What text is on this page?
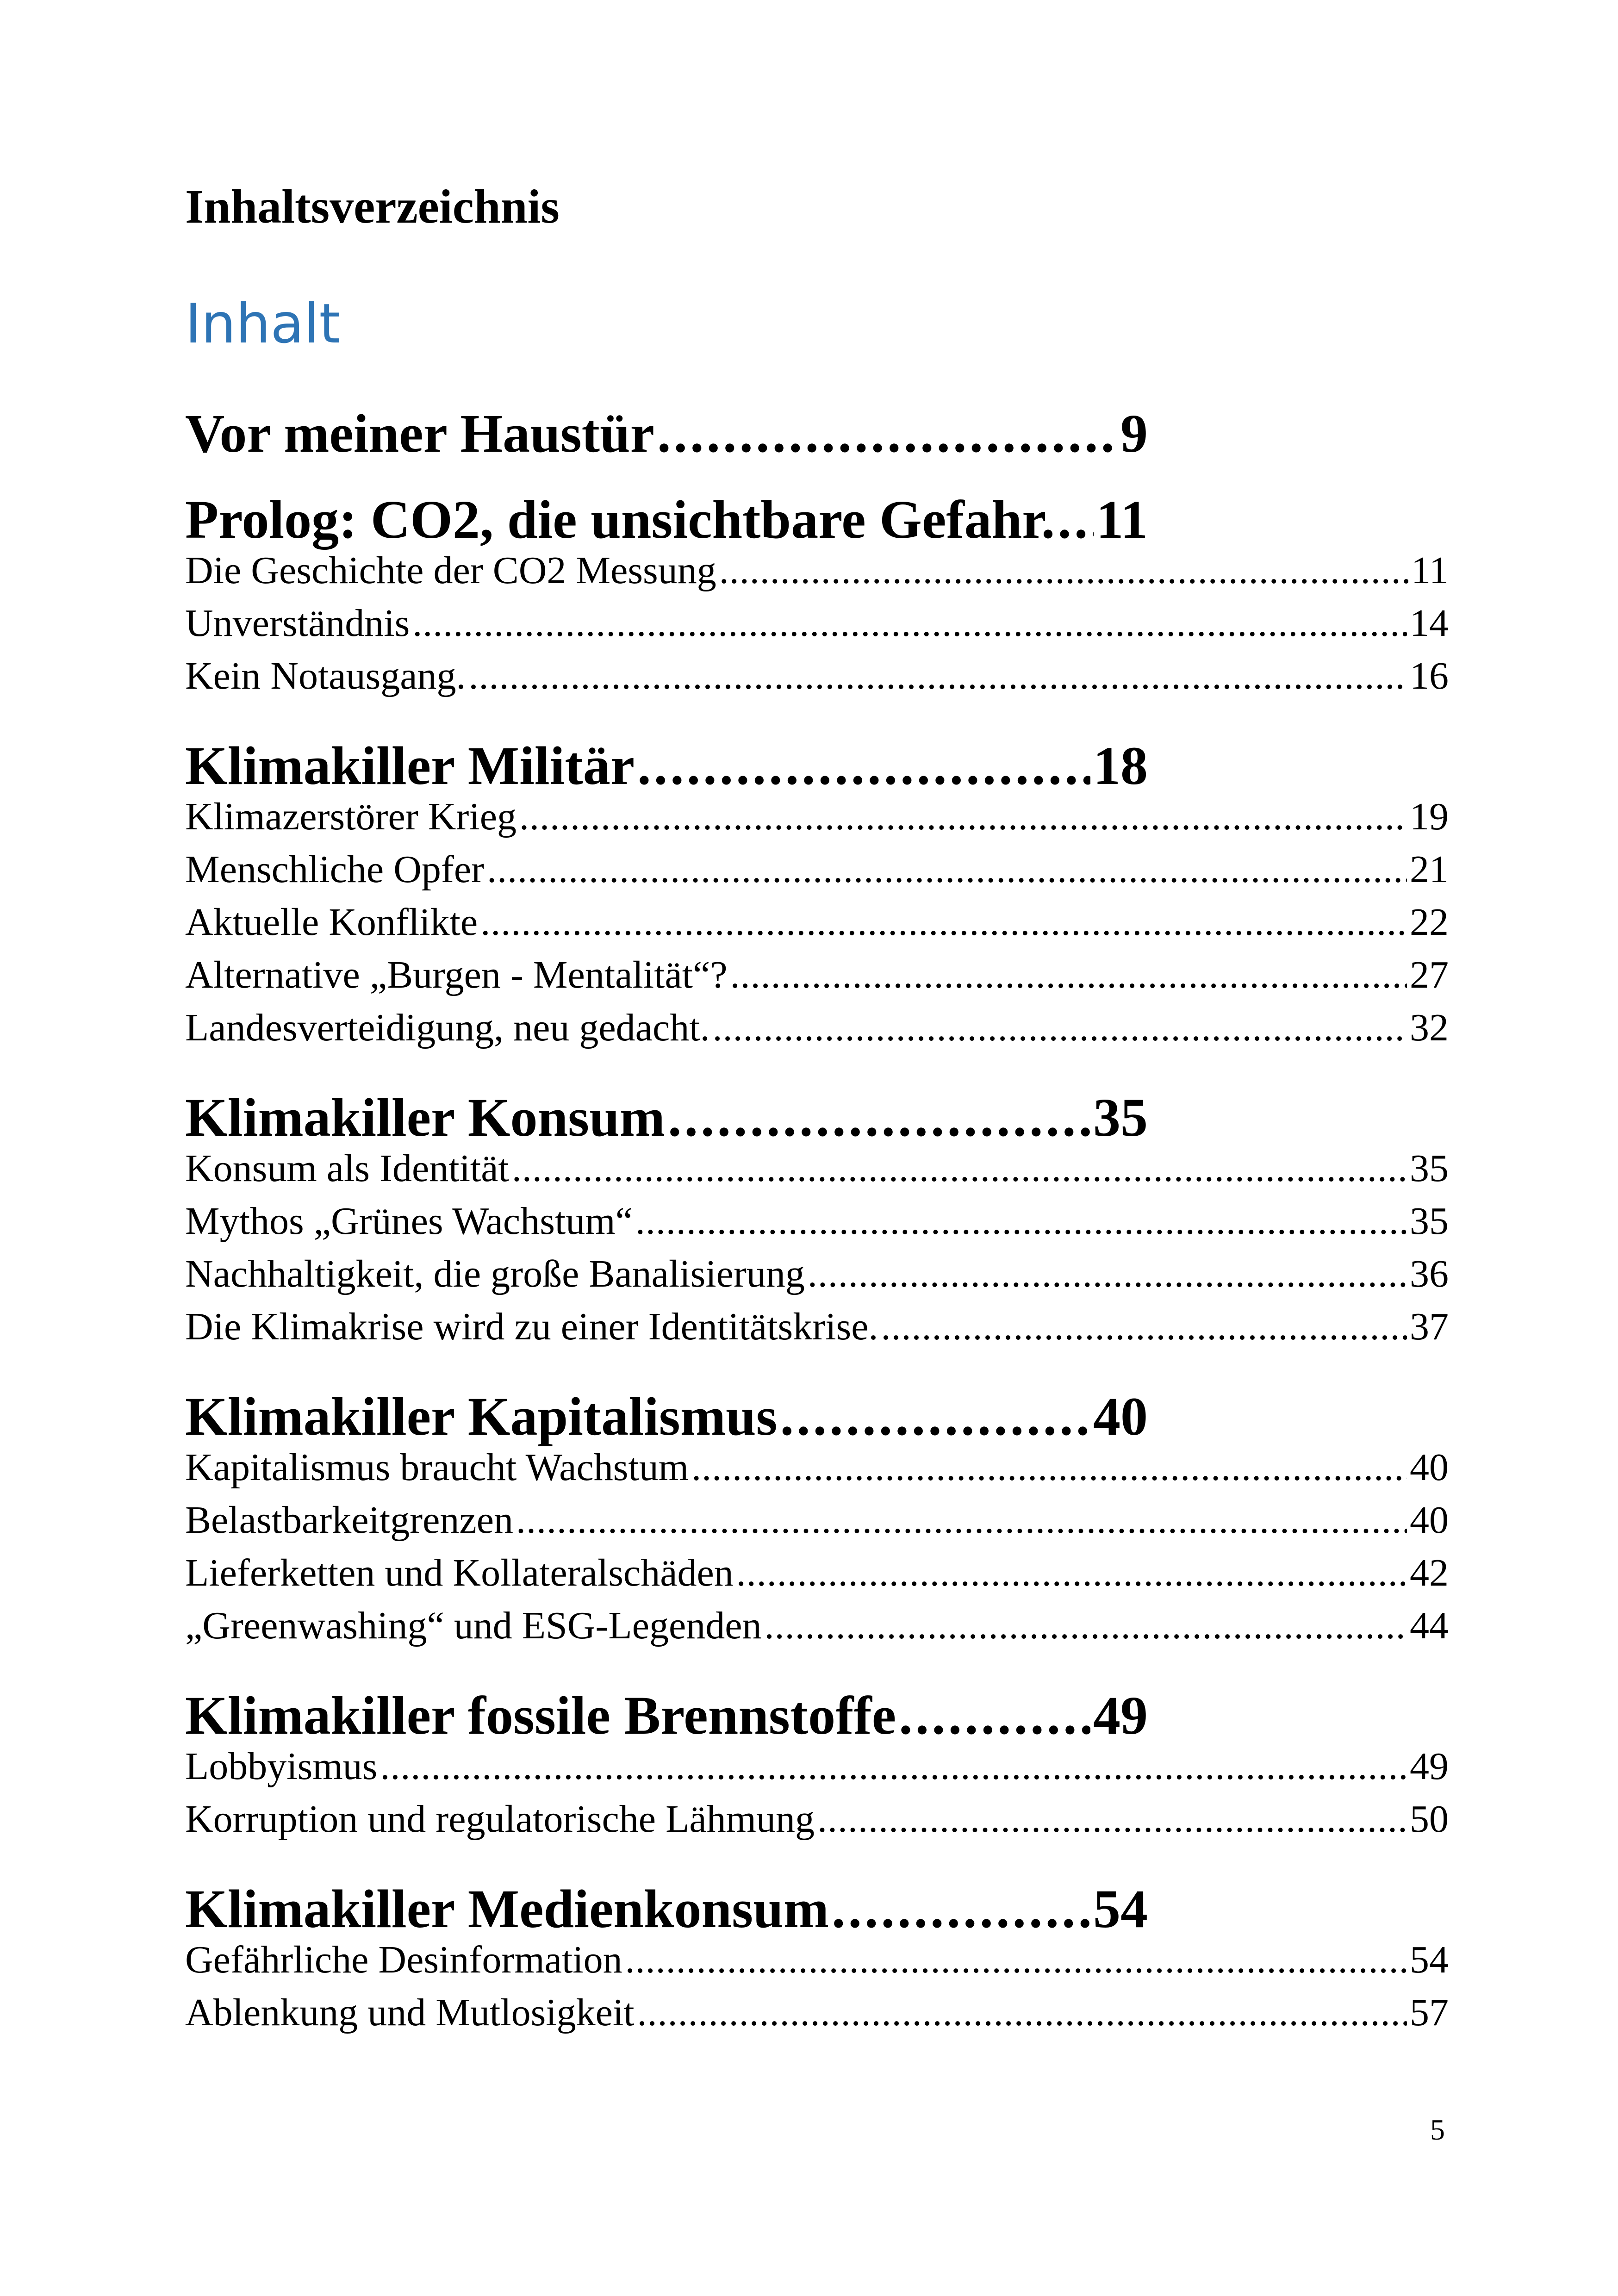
Inhaltsverzeichnis
Inhalt
Vor meiner Haustür .....	9
Prolog: CO2, die unsichtbare Gefahr. ..... 11
Die Geschichte der CO2 Messung .....	11
Unverständnis .....	14
Kein Notausgang. .....	16
Klimakiller Militär .....	18
Klimazerstörer Krieg .....	19
Menschliche Opfer .....	21
Aktuelle Konflikte .....	22
Alternative „Burgen - Mentalität“? .....	27
Landesverteidigung, neu gedacht. .....	32
Klimakiller Konsum .....	35
Konsum als Identität .....	35
Mythos „Grünes Wachstum“ .....	35
Nachhaltigkeit, die große Banalisierung .....	36
Die Klimakrise wird zu einer Identitätskrise. .....	37
Klimakiller Kapitalismus .....	40
Kapitalismus braucht Wachstum .....	40
Belastbarkeitgrenzen .....	40
Lieferketten und Kollateralschäden .....	42
„Greenwashing“ und ESG-Legenden .....	44
Klimakiller fossile Brennstoffe .....	49
Lobbyismus .....	49
Korruption und regulatorische Lähmung .....	50
Klimakiller Medienkonsum .....	54
Gefährliche Desinformation .....	54
Ablenkung und Mutlosigkeit .....	57
5
